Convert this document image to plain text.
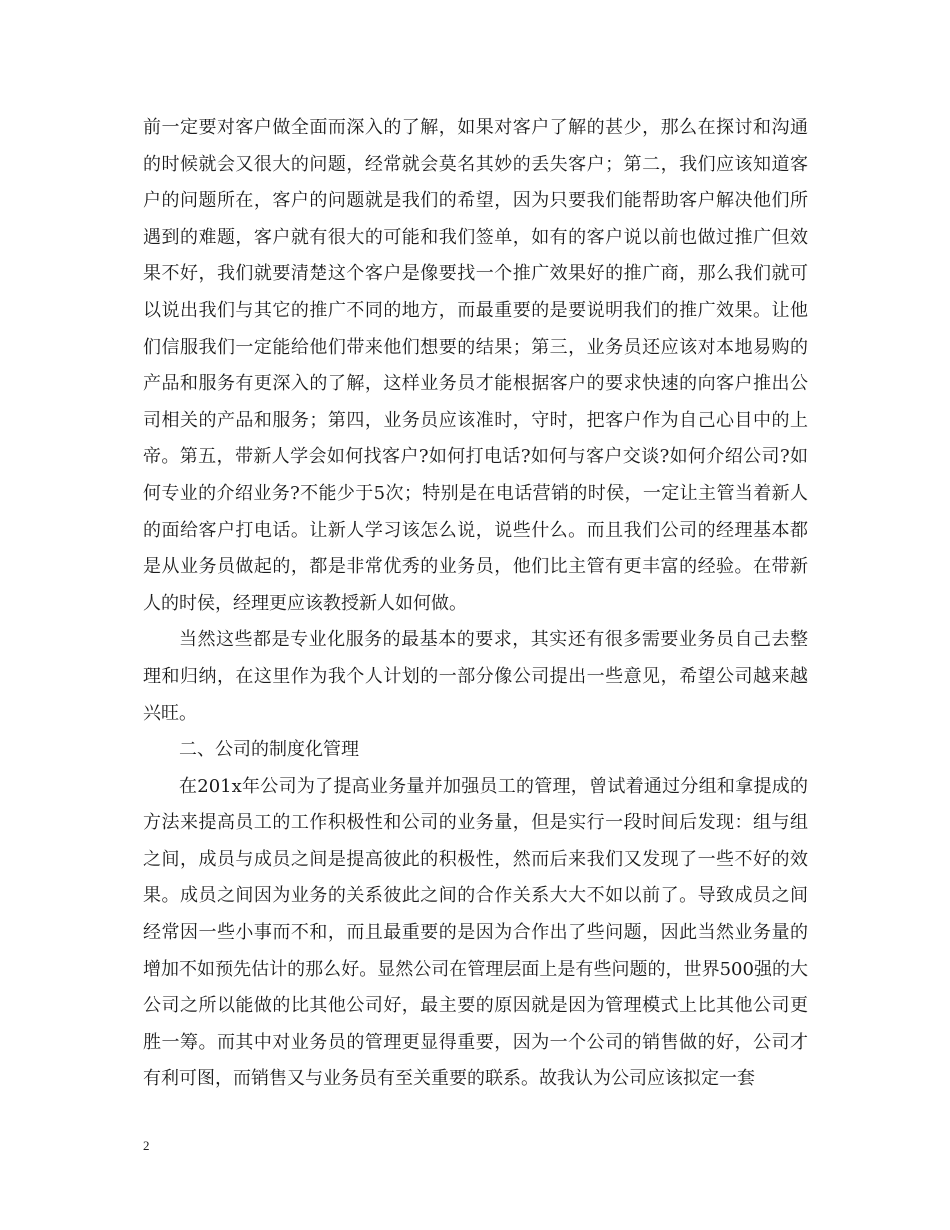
前一定要对客户做全面而深入的了解，如果对客户了解的甚少，那么在探讨和沟通的时候就会又很大的问题，经常就会莫名其妙的丢失客户；第二，我们应该知道客户的问题所在，客户的问题就是我们的希望，因为只要我们能帮助客户解决他们所遇到的难题，客户就有很大的可能和我们签单，如有的客户说以前也做过推广但效果不好，我们就要清楚这个客户是像要找一个推广效果好的推广商，那么我们就可以说出我们与其它的推广不同的地方，而最重要的是要说明我们的推广效果。让他们信服我们一定能给他们带来他们想要的结果；第三，业务员还应该对本地易购的产品和服务有更深入的了解，这样业务员才能根据客户的要求快速的向客户推出公司相关的产品和服务；第四，业务员应该准时，守时，把客户作为自己心目中的上帝。第五，带新人学会如何找客户?如何打电话?如何与客户交谈?如何介绍公司?如何专业的介绍业务?不能少于5次；特别是在电话营销的时侯，一定让主管当着新人的面给客户打电话。让新人学习该怎么说，说些什么。而且我们公司的经理基本都是从业务员做起的，都是非常优秀的业务员，他们比主管有更丰富的经验。在带新人的时侯，经理更应该教授新人如何做。

当然这些都是专业化服务的最基本的要求，其实还有很多需要业务员自己去整理和归纳，在这里作为我个人计划的一部分像公司提出一些意见，希望公司越来越兴旺。

二、公司的制度化管理

在201x年公司为了提高业务量并加强员工的管理，曾试着通过分组和拿提成的方法来提高员工的工作积极性和公司的业务量，但是实行一段时间后发现：组与组之间，成员与成员之间是提高彼此的积极性，然而后来我们又发现了一些不好的效果。成员之间因为业务的关系彼此之间的合作关系大大不如以前了。导致成员之间经常因一些小事而不和，而且最重要的是因为合作出了些问题，因此当然业务量的增加不如预先估计的那么好。显然公司在管理层面上是有些问题的，世界500强的大公司之所以能做的比其他公司好，最主要的原因就是因为管理模式上比其他公司更胜一筹。而其中对业务员的管理更显得重要，因为一个公司的销售做的好，公司才有利可图，而销售又与业务员有至关重要的联系。故我认为公司应该拟定一套

2
